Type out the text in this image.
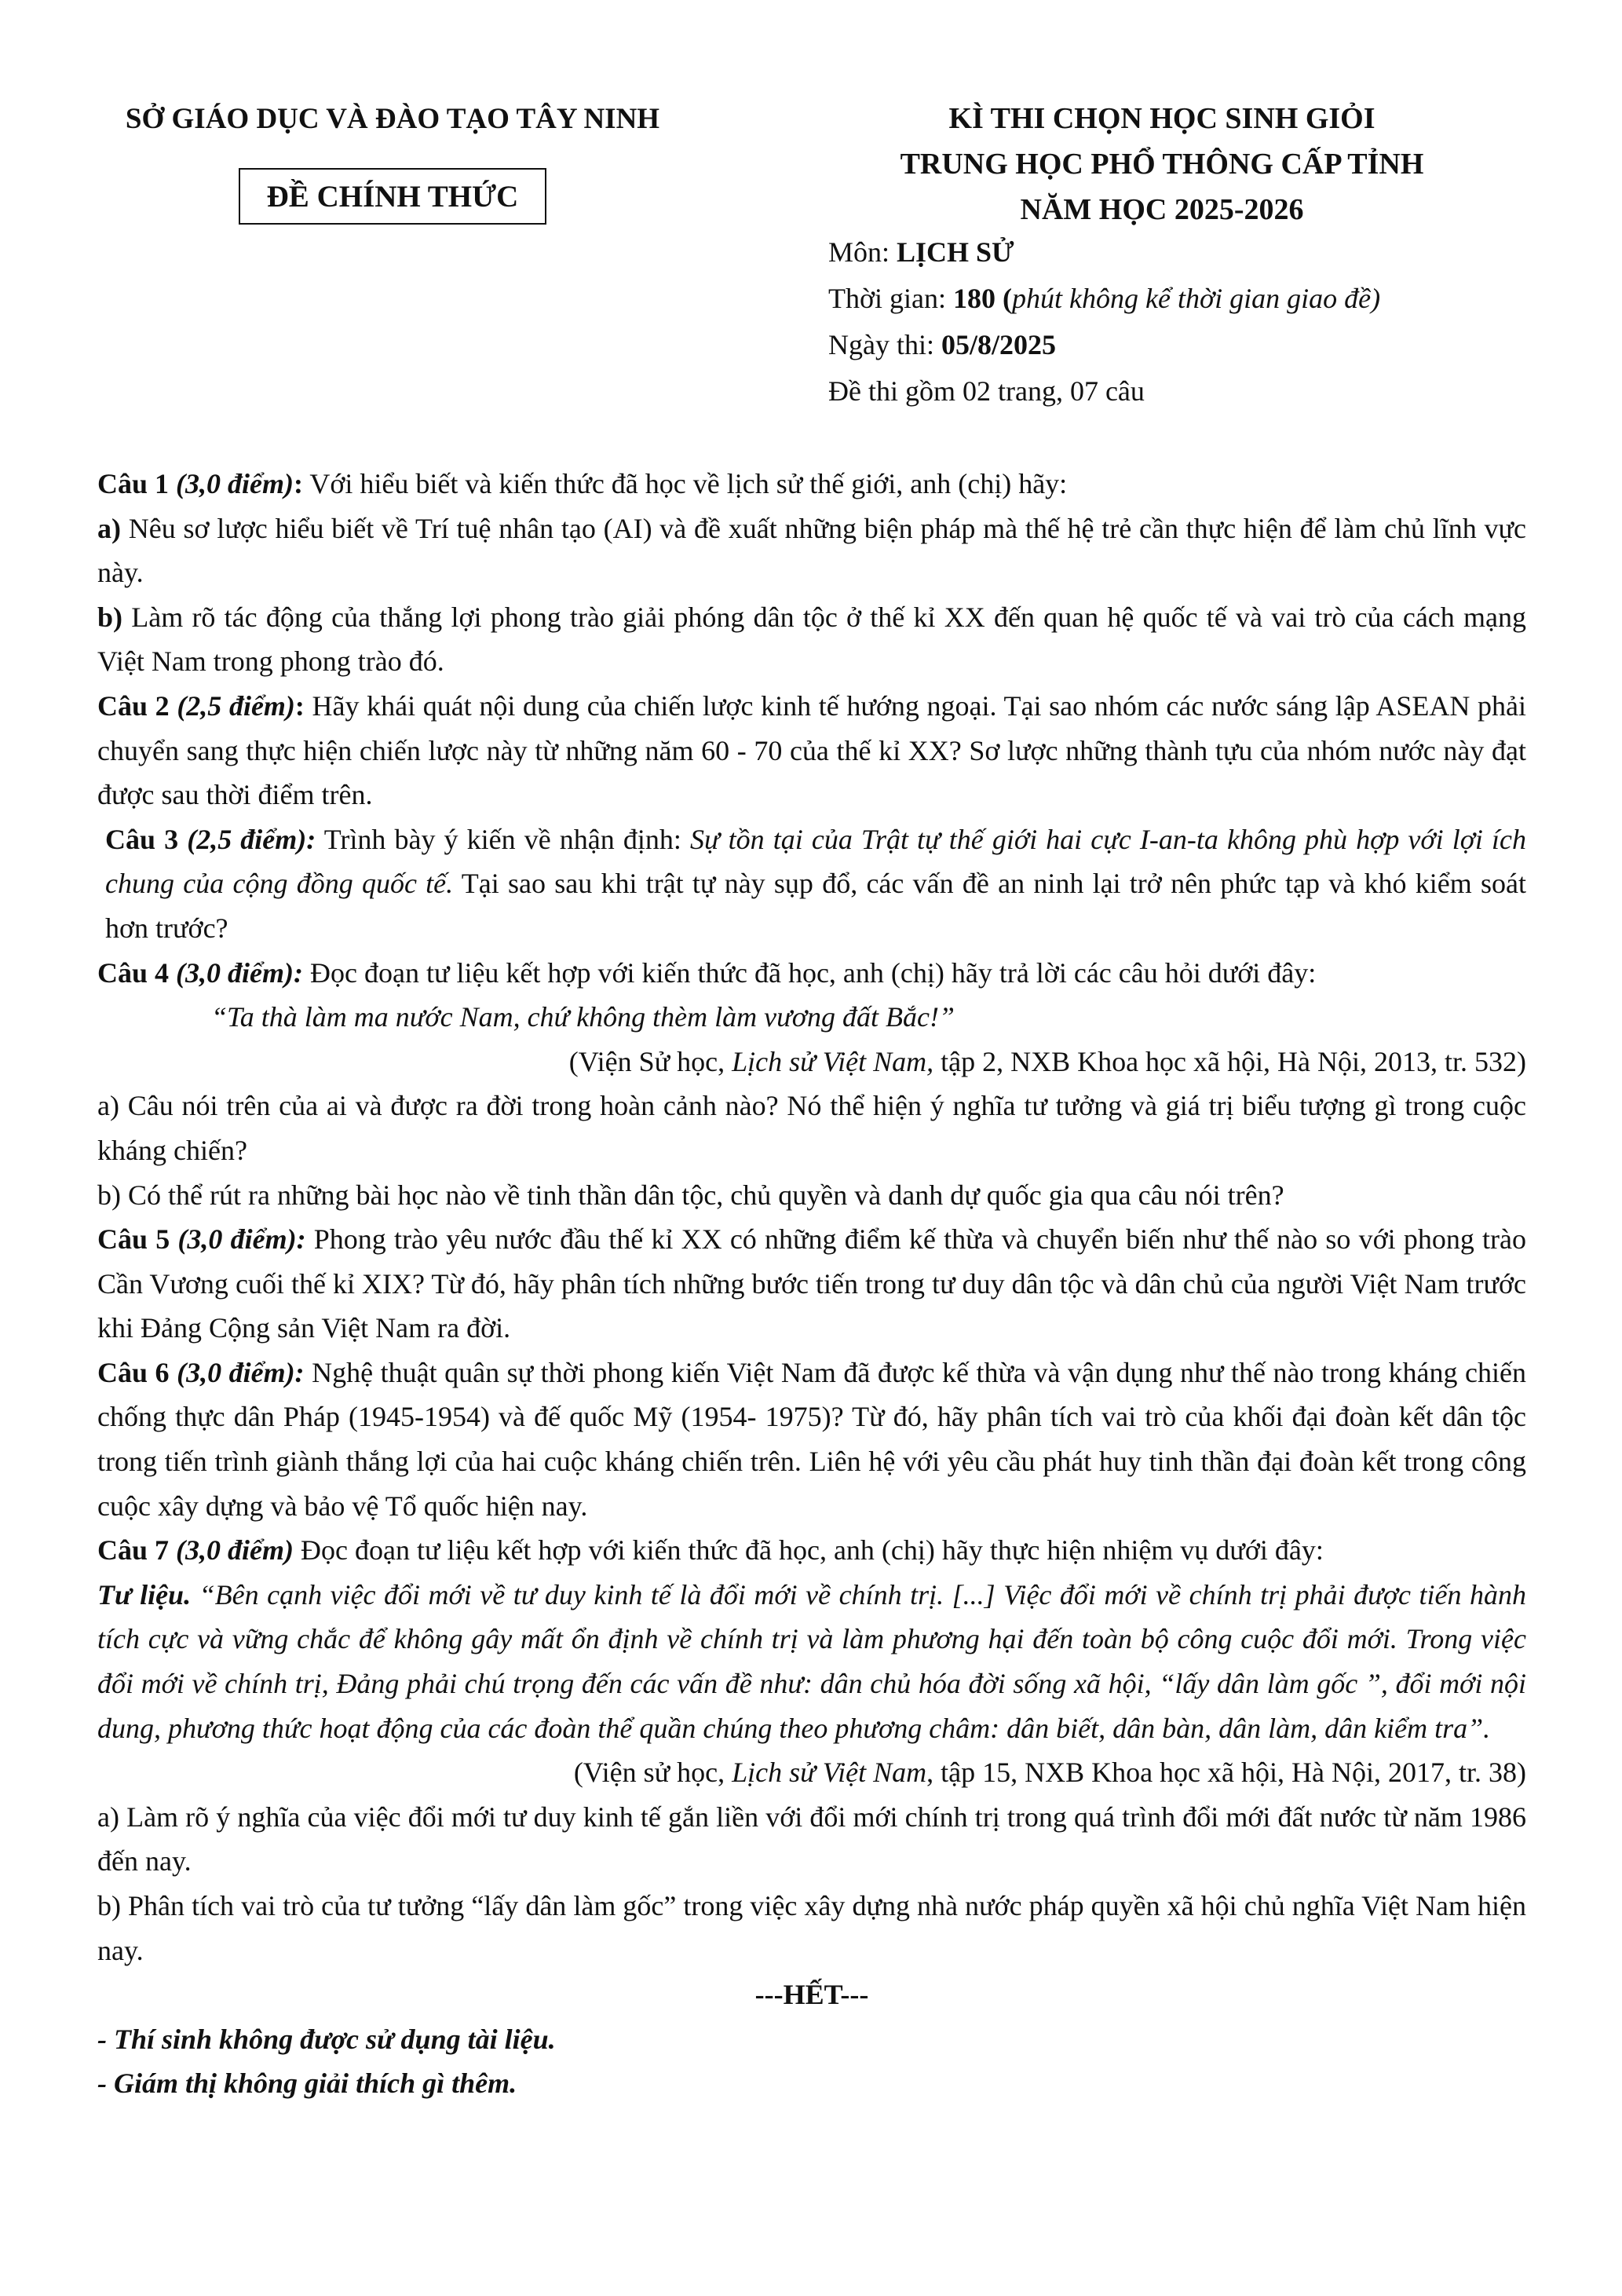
SỞ GIÁO DỤC VÀ ĐÀO TẠO TÂY NINH
ĐỀ CHÍNH THỨC
KÌ THI CHỌN HỌC SINH GIỎI
TRUNG HỌC PHỔ THÔNG CẤP TỈNH
NĂM HỌC 2025-2026
Môn: LỊCH SỬ
Thời gian: 180 (phút không kể thời gian giao đề)
Ngày thi: 05/8/2025
Đề thi gồm 02 trang, 07 câu

Câu 1 (3,0 điểm): Với hiểu biết và kiến thức đã học về lịch sử thế giới, anh (chị) hãy:

a) Nêu sơ lược hiểu biết về Trí tuệ nhân tạo (AI) và đề xuất những biện pháp mà thế hệ trẻ cần thực hiện để làm chủ lĩnh vực này.

b) Làm rõ tác động của thắng lợi phong trào giải phóng dân tộc ở thế kỉ XX đến quan hệ quốc tế và vai trò của cách mạng Việt Nam trong phong trào đó.

Câu 2 (2,5 điểm): Hãy khái quát nội dung của chiến lược kinh tế hướng ngoại. Tại sao nhóm các nước sáng lập ASEAN phải chuyển sang thực hiện chiến lược này từ những năm 60 - 70 của thế kỉ XX? Sơ lược những thành tựu của nhóm nước này đạt được sau thời điểm trên.

Câu 3 (2,5 điểm): Trình bày ý kiến về nhận định: Sự tồn tại của Trật tự thế giới hai cực I-an-ta không phù hợp với lợi ích chung của cộng đồng quốc tế. Tại sao sau khi trật tự này sụp đổ, các vấn đề an ninh lại trở nên phức tạp và khó kiểm soát hơn trước?

Câu 4 (3,0 điểm): Đọc đoạn tư liệu kết hợp với kiến thức đã học, anh (chị) hãy trả lời các câu hỏi dưới đây:

“Ta thà làm ma nước Nam, chứ không thèm làm vương đất Bắc!”

(Viện Sử học, Lịch sử Việt Nam, tập 2, NXB Khoa học xã hội, Hà Nội, 2013, tr. 532)

a) Câu nói trên của ai và được ra đời trong hoàn cảnh nào? Nó thể hiện ý nghĩa tư tưởng và giá trị biểu tượng gì trong cuộc kháng chiến?

b) Có thể rút ra những bài học nào về tinh thần dân tộc, chủ quyền và danh dự quốc gia qua câu nói trên?

Câu 5 (3,0 điểm): Phong trào yêu nước đầu thế kỉ XX có những điểm kế thừa và chuyển biến như thế nào so với phong trào Cần Vương cuối thế kỉ XIX? Từ đó, hãy phân tích những bước tiến trong tư duy dân tộc và dân chủ của người Việt Nam trước khi Đảng Cộng sản Việt Nam ra đời.

Câu 6 (3,0 điểm): Nghệ thuật quân sự thời phong kiến Việt Nam đã được kế thừa và vận dụng như thế nào trong kháng chiến chống thực dân Pháp (1945-1954) và đế quốc Mỹ (1954- 1975)? Từ đó, hãy phân tích vai trò của khối đại đoàn kết dân tộc trong tiến trình giành thắng lợi của hai cuộc kháng chiến trên. Liên hệ với yêu cầu phát huy tinh thần đại đoàn kết trong công cuộc xây dựng và bảo vệ Tổ quốc hiện nay.

Câu 7 (3,0 điểm) Đọc đoạn tư liệu kết hợp với kiến thức đã học, anh (chị) hãy thực hiện nhiệm vụ dưới đây:

Tư liệu. “Bên cạnh việc đổi mới về tư duy kinh tế là đổi mới về chính trị. [...] Việc đổi mới về chính trị phải được tiến hành tích cực và vững chắc để không gây mất ổn định về chính trị và làm phương hại đến toàn bộ công cuộc đổi mới. Trong việc đổi mới về chính trị, Đảng phải chú trọng đến các vấn đề như: dân chủ hóa đời sống xã hội, “lấy dân làm gốc ”, đổi mới nội dung, phương thức hoạt động của các đoàn thể quần chúng theo phương châm: dân biết, dân bàn, dân làm, dân kiểm tra”.

(Viện sử học, Lịch sử Việt Nam, tập 15, NXB Khoa học xã hội, Hà Nội, 2017, tr. 38)

a) Làm rõ ý nghĩa của việc đổi mới tư duy kinh tế gắn liền với đổi mới chính trị trong quá trình đổi mới đất nước từ năm 1986 đến nay.

b) Phân tích vai trò của tư tưởng “lấy dân làm gốc” trong việc xây dựng nhà nước pháp quyền xã hội chủ nghĩa Việt Nam hiện nay.

---HẾT---

- Thí sinh không được sử dụng tài liệu.

- Giám thị không giải thích gì thêm.
